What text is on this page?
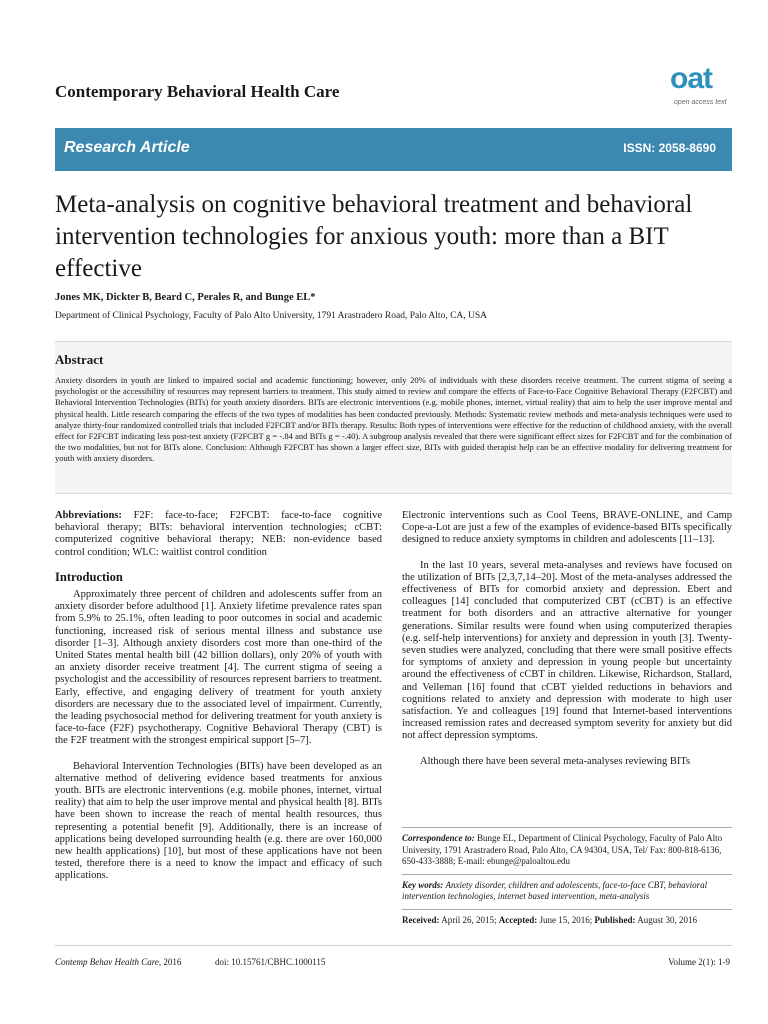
Contemporary Behavioral Health Care	oat
open access text
Research Article	ISSN: 2058-8690
Meta-analysis on cognitive behavioral treatment and behavioral intervention technologies for anxious youth: more than a BIT effective
Jones MK, Dickter B, Beard C, Perales R, and Bunge EL*
Department of Clinical Psychology, Faculty of Palo Alto University, 1791 Arastradero Road, Palo Alto, CA, USA
Abstract
Anxiety disorders in youth are linked to impaired social and academic functioning; however, only 20% of individuals with these disorders receive treatment. The current stigma of seeing a psychologist or the accessibility of resources may represent barriers to treatment. This study aimed to review and compare the effects of Face-to-Face Cognitive Behavioral Therapy (F2FCBT) and Behavioral Intervention Technologies (BITs) for youth anxiety disorders. BITs are electronic interventions (e.g. mobile phones, internet, virtual reality) that aim to help the user improve mental and physical health. Little research comparing the effects of the two types of modalities has been conducted previously. Methods: Systematic review methods and meta-analysis techniques were used to analyze thirty-four randomized controlled trials that included F2FCBT and/or BITs therapy. Results: Both types of interventions were effective for the reduction of childhood anxiety, with the overall effect for F2FCBT indicating less post-test anxiety (F2FCBT g = -.84 and BITs g = -.40). A subgroup analysis revealed that there were significant effect sizes for F2FCBT and for the combination of the two modalities, but not for BITs alone. Conclusion: Although F2FCBT has shown a larger effect size, BITs with guided therapist help can be an effective modality for delivering treatment for youth with anxiety disorders.

Abbreviations: F2F: face-to-face; F2FCBT: face-to-face cognitive behavioral therapy; BITs: behavioral intervention technologies; cCBT: computerized cognitive behavioral therapy; NEB: non-evidence based control condition; WLC: waitlist control condition

Introduction

Approximately three percent of children and adolescents suffer from an anxiety disorder before adulthood [1]. Anxiety lifetime prevalence rates span from 5.9% to 25.1%, often leading to poor outcomes in social and academic functioning, increased risk of serious mental illness and substance use disorder [1–3]. Although anxiety disorders cost more than one-third of the United States mental health bill (42 billion dollars), only 20% of youth with an anxiety disorder receive treatment [4]. The current stigma of seeing a psychologist and the accessibility of resources represent barriers to treatment. Early, effective, and engaging delivery of treatment for youth anxiety disorders are necessary due to the associated level of impairment. Currently, the leading psychosocial method for delivering treatment for youth anxiety is face-to-face (F2F) psychotherapy. Cognitive Behavioral Therapy (CBT) is the F2F treatment with the strongest empirical support [5–7].

Behavioral Intervention Technologies (BITs) have been developed as an alternative method of delivering evidence based treatments for anxious youth. BITs are electronic interventions (e.g. mobile phones, internet, virtual reality) that aim to help the user improve mental and physical health [8]. BITs have been shown to increase the reach of mental health resources, thus representing a potential benefit [9]. Additionally, there is an increase of applications being developed surrounding health (e.g. there are over 160,000 new health applications) [10], but most of these applications have not been tested, therefore there is a need to know the impact and efficacy of such applications.

Electronic interventions such as Cool Teens, BRAVE-ONLINE, and Camp Cope-a-Lot are just a few of the examples of evidence-based BITs specifically designed to reduce anxiety symptoms in children and adolescents [11–13].

In the last 10 years, several meta-analyses and reviews have focused on the utilization of BITs [2,3,7,14–20]. Most of the meta-analyses addressed the effectiveness of BITs for comorbid anxiety and depression. Ebert and colleagues [14] concluded that computerized CBT (cCBT) is an effective treatment for both disorders and an attractive alternative for younger generations. Similar results were found when using computerized therapies (e.g. self-help interventions) for anxiety and depression in youth [3]. Twenty-seven studies were analyzed, concluding that there were small positive effects for symptoms of anxiety and depression in young people but uncertainty around the effectiveness of cCBT in children. Likewise, Richardson, Stallard, and Velleman [16] found that cCBT yielded reductions in behaviors and cognitions related to anxiety and depression with moderate to high user satisfaction. Ye and colleagues [19] found that Internet-based interventions increased remission rates and decreased symptom severity for anxiety but did not affect depression symptoms.

Although there have been several meta-analyses reviewing BITs

Correspondence to: Bunge EL, Department of Clinical Psychology, Faculty of Palo Alto University, 1791 Arastradero Road, Palo Alto, CA 94304, USA, Tel/ Fax: 800-818-6136, 650-433-3888; E-mail: ebunge@paloaltou.edu

Key words: Anxiety disorder, children and adolescents, face-to-face CBT, behavioral intervention technologies, internet based intervention, meta-analysis

Received: April 26, 2015; Accepted: June 15, 2016; Published: August 30, 2016

Contemp Behav Health Care, 2016	doi: 10.15761/CBHC.1000115	Volume 2(1): 1-9
